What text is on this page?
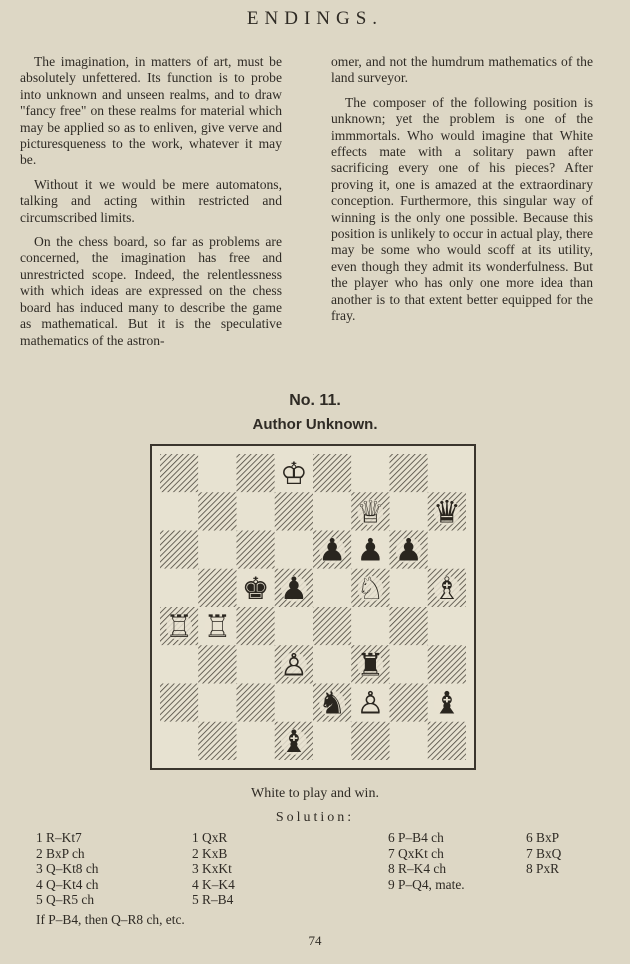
ENDINGS.

The imagination, in matters of art, must be absolutely unfettered. Its function is to probe into unknown and unseen realms, and to draw "fancy free" on these realms for material which may be applied so as to enliven, give verve and picturesqueness to the work, whatever it may be.

Without it we would be mere automatons, talking and acting within restricted and circumscribed limits.

On the chess board, so far as problems are concerned, the imagination has free and unrestricted scope. Indeed, the relentlessness with which ideas are expressed on the chess board has induced many to describe the game as mathematical. But it is the speculative mathematics of the astron-

omer, and not the humdrum mathematics of the land surveyor.

The composer of the following position is unknown; yet the problem is one of the immmortals. Who would imagine that White effects mate with a solitary pawn after sacrificing every one of his pieces? After proving it, one is amazed at the extraordinary conception. Furthermore, this singular way of winning is the only one possible. Because this position is unlikely to occur in actual play, there may be some who would scoff at its utility, even though they admit its wonderfulness. But the player who has only one more idea than another is to that extent better equipped for the fray.

No. 11.
Author Unknown.
♔
♕ ♛
♟ ♟ ♟
♚ ♟ ♘ ♗
♖ ♖
♙ ♜
♞ ♙ ♝
♝
White to play and win.
Solution:
1 R–Kt7
2 BxP ch
3 Q–Kt8 ch
4 Q–Kt4 ch
5 Q–R5 ch
1 QxR
2 KxB
3 KxKt
4 K–K4
5 R–B4
6 P–B4 ch
7 QxKt ch
8 R–K4 ch
9 P–Q4, mate.
6 BxP
7 BxQ
8 PxR
If P–B4, then Q–R8 ch, etc.
74
